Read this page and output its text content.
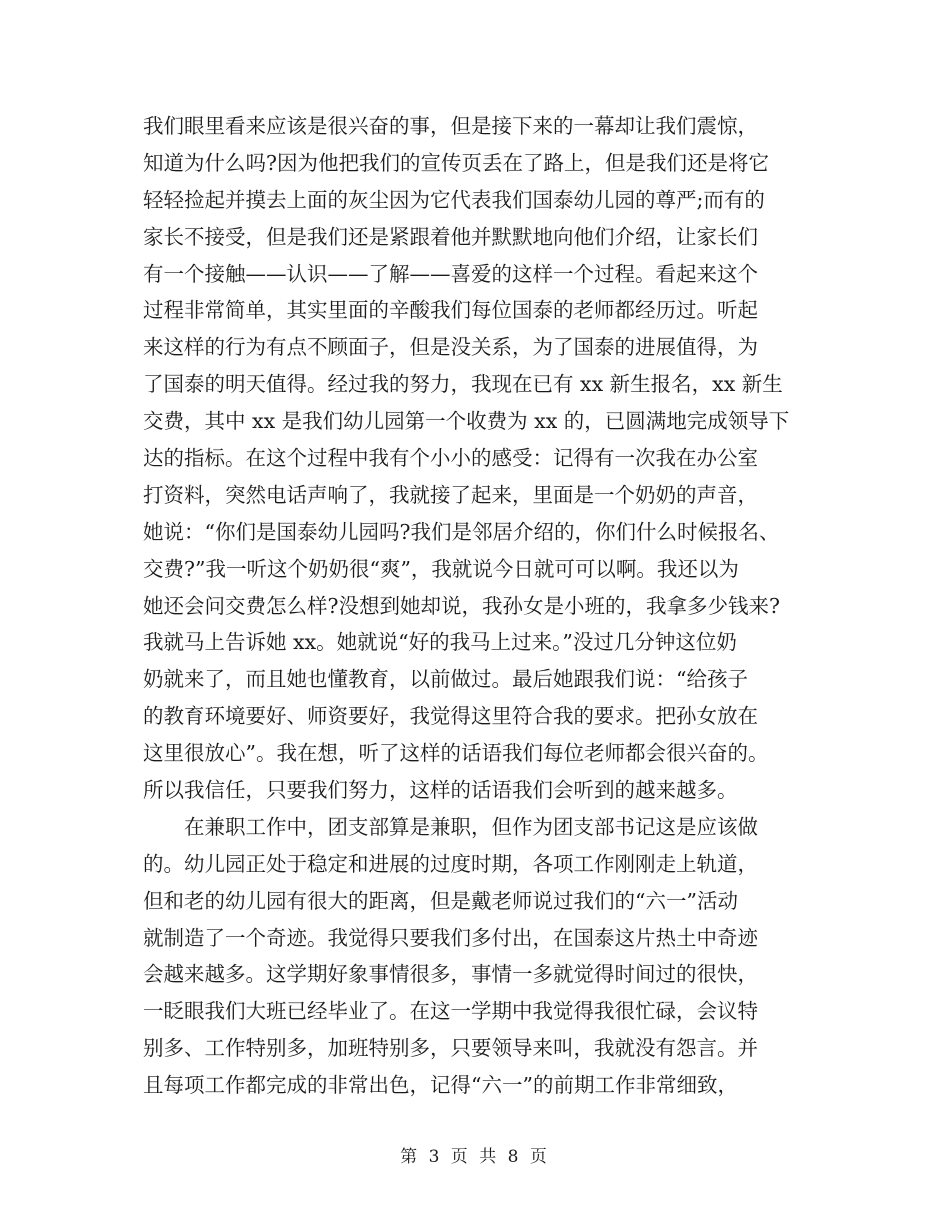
我们眼里看来应该是很兴奋的事，但是接下来的一幕却让我们震惊，
知道为什么吗?因为他把我们的宣传页丢在了路上，但是我们还是将它
轻轻捡起并摸去上面的灰尘因为它代表我们国泰幼儿园的尊严;而有的
家长不接受，但是我们还是紧跟着他并默默地向他们介绍，让家长们
有一个接触——认识——了解——喜爱的这样一个过程。看起来这个
过程非常简单，其实里面的辛酸我们每位国泰的老师都经历过。听起
来这样的行为有点不顾面子，但是没关系，为了国泰的进展值得，为
了国泰的明天值得。经过我的努力，我现在已有 xx 新生报名，xx 新生
交费，其中 xx 是我们幼儿园第一个收费为 xx 的，已圆满地完成领导下
达的指标。在这个过程中我有个小小的感受：记得有一次我在办公室
打资料，突然电话声响了，我就接了起来，里面是一个奶奶的声音，
她说：“你们是国泰幼儿园吗?我们是邻居介绍的，你们什么时候报名、
交费?”我一听这个奶奶很“爽”，我就说今日就可可以啊。我还以为
她还会问交费怎么样?没想到她却说，我孙女是小班的，我拿多少钱来?
我就马上告诉她 xx。她就说“好的我马上过来。”没过几分钟这位奶
奶就来了，而且她也懂教育，以前做过。最后她跟我们说：“给孩子
的教育环境要好、师资要好，我觉得这里符合我的要求。把孙女放在
这里很放心”。我在想，听了这样的话语我们每位老师都会很兴奋的。
所以我信任，只要我们努力，这样的话语我们会听到的越来越多。
　　在兼职工作中，团支部算是兼职，但作为团支部书记这是应该做
的。幼儿园正处于稳定和进展的过度时期，各项工作刚刚走上轨道，
但和老的幼儿园有很大的距离，但是戴老师说过我们的“六一”活动
就制造了一个奇迹。我觉得只要我们多付出，在国泰这片热土中奇迹
会越来越多。这学期好象事情很多，事情一多就觉得时间过的很快，
一眨眼我们大班已经毕业了。在这一学期中我觉得我很忙碌，会议特
别多、工作特别多，加班特别多，只要领导来叫，我就没有怨言。并
且每项工作都完成的非常出色，记得“六一”的前期工作非常细致，
第 3 页 共 8 页
